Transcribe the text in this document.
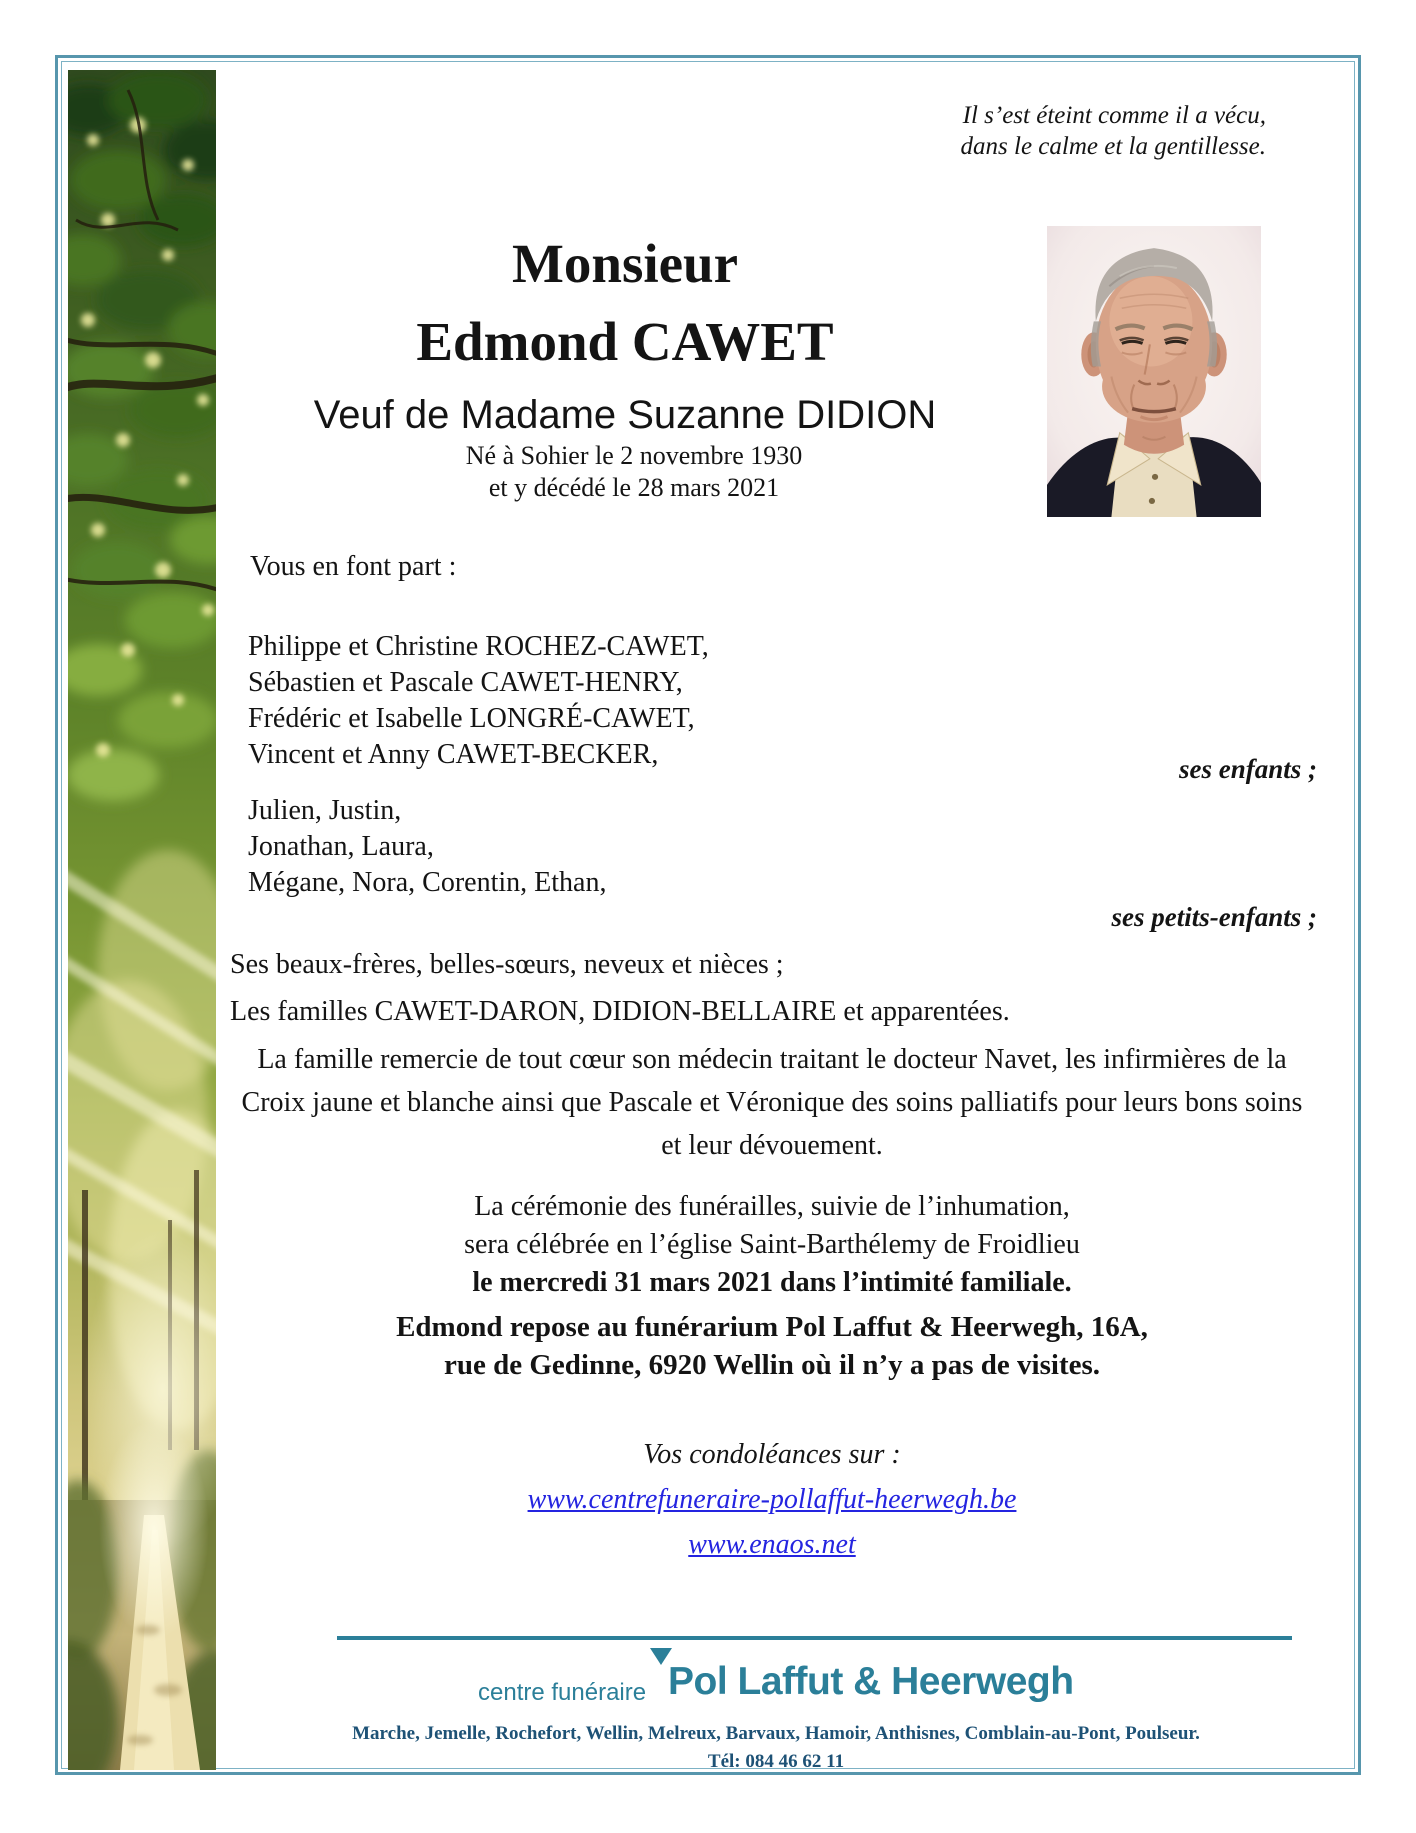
Il s’est éteint comme il a vécu,
dans le calme et la gentillesse.
Monsieur
Edmond CAWET
Veuf de Madame Suzanne DIDION
Né à Sohier le 2 novembre 1930
et y décédé le 28 mars 2021
Vous en font part :
Philippe et Christine ROCHEZ-CAWET,
Sébastien et Pascale CAWET-HENRY,
Frédéric et Isabelle LONGRÉ-CAWET,
Vincent et Anny CAWET-BECKER,	ses enfants ;
Julien, Justin,
Jonathan, Laura,
Mégane, Nora, Corentin, Ethan,
ses petits-enfants ;
Ses beaux-frères, belles-sœurs, neveux et nièces ;
Les familles CAWET-DARON, DIDION-BELLAIRE et apparentées.
La famille remercie de tout cœur son médecin traitant le docteur Navet, les infirmières de la
Croix jaune et blanche ainsi que Pascale et Véronique des soins palliatifs pour leurs bons soins
et leur dévouement.
La cérémonie des funérailles, suivie de l’inhumation,
sera célébrée en l’église Saint-Barthélemy de Froidlieu
le mercredi 31 mars 2021 dans l’intimité familiale.
Edmond repose au funérarium Pol Laffut & Heerwegh, 16A,
rue de Gedinne, 6920 Wellin où il n’y a pas de visites.
Vos condoléances sur :
www.centrefuneraire-pollaffut-heerwegh.be
www.enaos.net
centre funéraire Pol Laffut & Heerwegh
Marche, Jemelle, Rochefort, Wellin, Melreux, Barvaux, Hamoir, Anthisnes, Comblain-au-Pont, Poulseur.
Tél: 084 46 62 11
